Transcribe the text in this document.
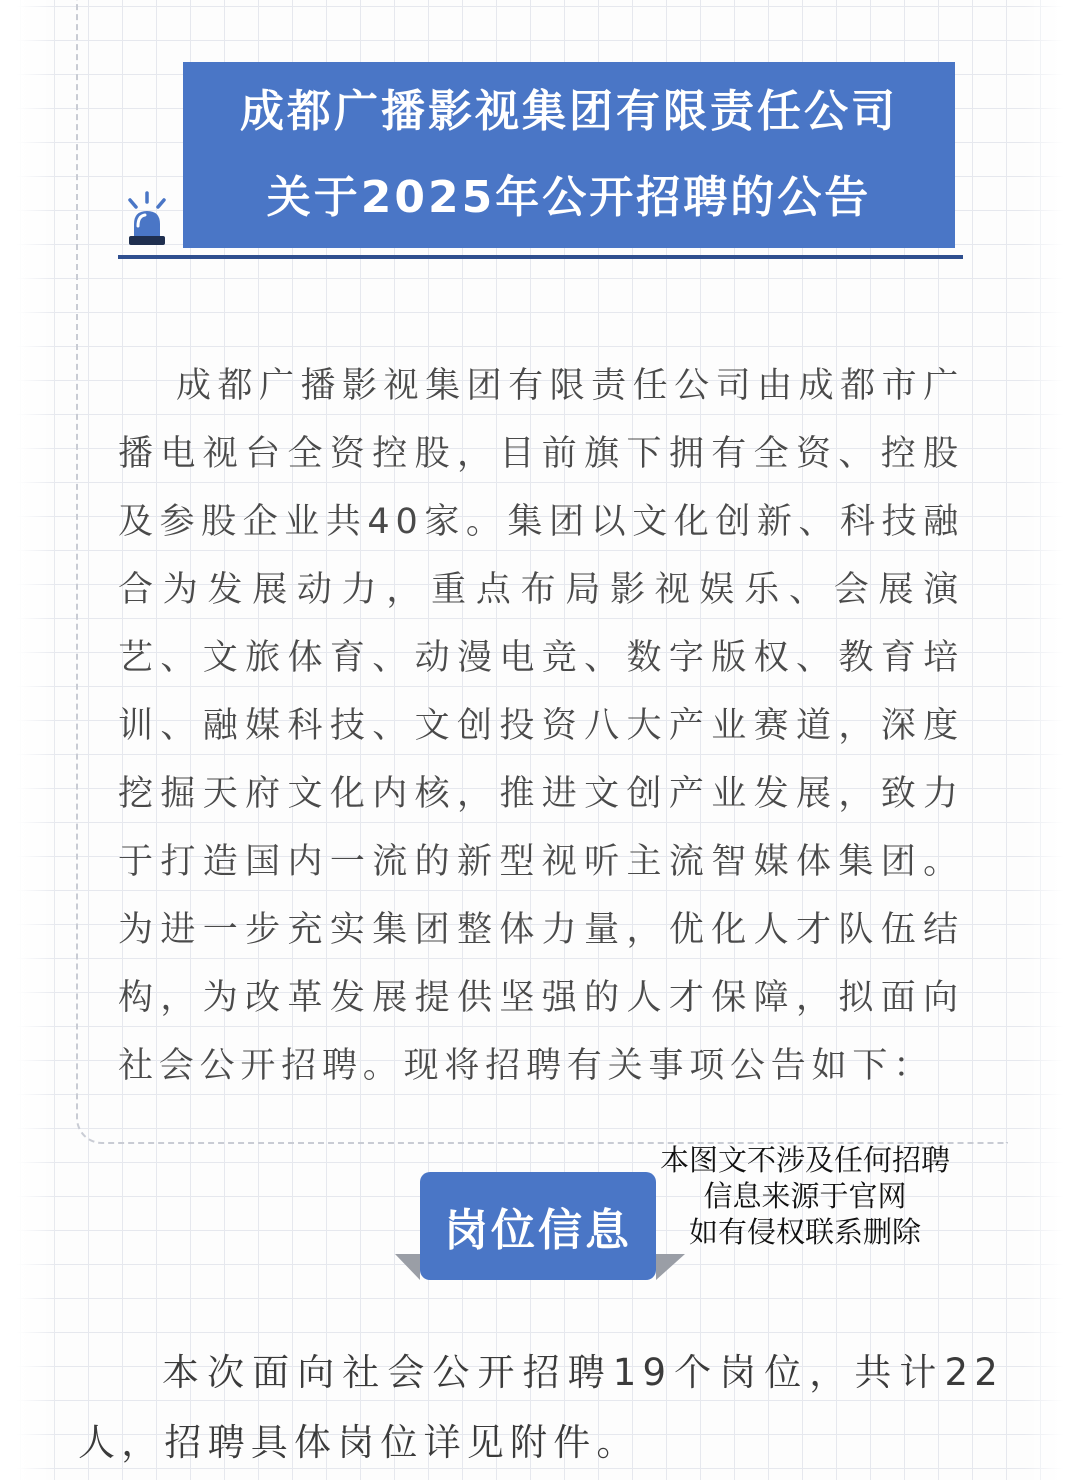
成都广播影视集团有限责任公司
关于2025年公开招聘的公告

成都广播影视集团有限责任公司由成都市广播电视台全资控股，目前旗下拥有全资、控股及参股企业共40家。集团以文化创新、科技融合为发展动力，重点布局影视娱乐、会展演艺、文旅体育、动漫电竞、数字版权、教育培训、融媒科技、文创投资八大产业赛道，深度挖掘天府文化内核，推进文创产业发展，致力于打造国内一流的新型视听主流智媒体集团。为进一步充实集团整体力量，优化人才队伍结构，为改革发展提供坚强的人才保障，拟面向社会公开招聘。现将招聘有关事项公告如下：

岗位信息
本图文不涉及任何招聘
信息来源于官网
如有侵权联系删除

本次面向社会公开招聘19个岗位，共计22人，招聘具体岗位详见附件。
